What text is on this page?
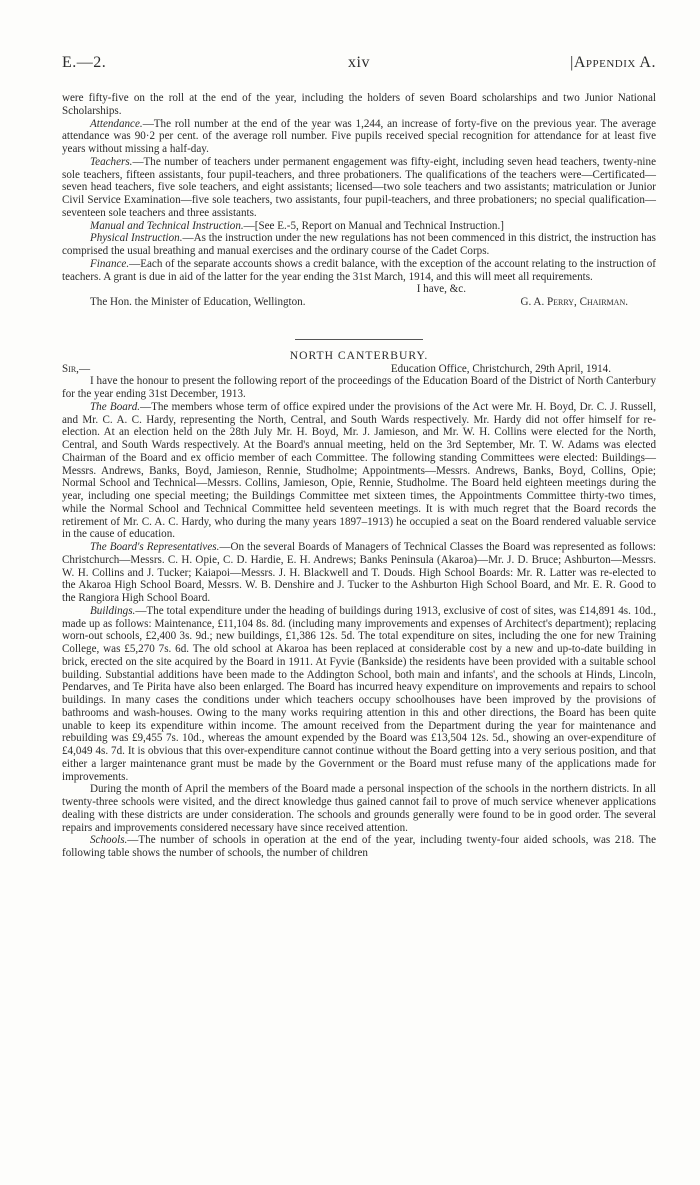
E.—2.	xiv	|Appendix A.

were fifty-five on the roll at the end of the year, including the holders of seven Board scholarships and two Junior National Scholarships.

Attendance.—The roll number at the end of the year was 1,244, an increase of forty-five on the previous year. The average attendance was 90·2 per cent. of the average roll number. Five pupils received special recognition for attendance for at least five years without missing a half-day.

Teachers.—The number of teachers under permanent engagement was fifty-eight, including seven head teachers, twenty-nine sole teachers, fifteen assistants, four pupil-teachers, and three probationers. The qualifications of the teachers were—Certificated—seven head teachers, five sole teachers, and eight assistants; licensed—two sole teachers and two assistants; matriculation or Junior Civil Service Examination—five sole teachers, two assistants, four pupil-teachers, and three probationers; no special qualification—seventeen sole teachers and three assistants.

Manual and Technical Instruction.—[See E.-5, Report on Manual and Technical Instruction.]

Physical Instruction.—As the instruction under the new regulations has not been commenced in this district, the instruction has comprised the usual breathing and manual exercises and the ordinary course of the Cadet Corps.

Finance.—Each of the separate accounts shows a credit balance, with the exception of the account relating to the instruction of teachers. A grant is due in aid of the latter for the year ending the 31st March, 1914, and this will meet all requirements.

I have, &c.

The Hon. the Minister of Education, Wellington.	G. A. Perry, Chairman.

NORTH CANTERBURY.

Sir,—	Education Office, Christchurch, 29th April, 1914.

I have the honour to present the following report of the proceedings of the Education Board of the District of North Canterbury for the year ending 31st December, 1913.

The Board.—The members whose term of office expired under the provisions of the Act were Mr. H. Boyd, Dr. C. J. Russell, and Mr. C. A. C. Hardy, representing the North, Central, and South Wards respectively. Mr. Hardy did not offer himself for re-election. At an election held on the 28th July Mr. H. Boyd, Mr. J. Jamieson, and Mr. W. H. Collins were elected for the North, Central, and South Wards respectively. At the Board's annual meeting, held on the 3rd September, Mr. T. W. Adams was elected Chairman of the Board and ex officio member of each Committee. The following standing Committees were elected: Buildings—Messrs. Andrews, Banks, Boyd, Jamieson, Rennie, Studholme; Appointments—Messrs. Andrews, Banks, Boyd, Collins, Opie; Normal School and Technical—Messrs. Collins, Jamieson, Opie, Rennie, Studholme. The Board held eighteen meetings during the year, including one special meeting; the Buildings Committee met sixteen times, the Appointments Committee thirty-two times, while the Normal School and Technical Committee held seventeen meetings. It is with much regret that the Board records the retirement of Mr. C. A. C. Hardy, who during the many years 1897–1913) he occupied a seat on the Board rendered valuable service in the cause of education.

The Board's Representatives.—On the several Boards of Managers of Technical Classes the Board was represented as follows: Christchurch—Messrs. C. H. Opie, C. D. Hardie, E. H. Andrews; Banks Peninsula (Akaroa)—Mr. J. D. Bruce; Ashburton—Messrs. W. H. Collins and J. Tucker; Kaiapoi—Messrs. J. H. Blackwell and T. Douds. High School Boards: Mr. R. Latter was re-elected to the Akaroa High School Board, Messrs. W. B. Denshire and J. Tucker to the Ashburton High School Board, and Mr. E. R. Good to the Rangiora High School Board.

Buildings.—The total expenditure under the heading of buildings during 1913, exclusive of cost of sites, was £14,891 4s. 10d., made up as follows: Maintenance, £11,104 8s. 8d. (including many improvements and expenses of Architect's department); replacing worn-out schools, £2,400 3s. 9d.; new buildings, £1,386 12s. 5d. The total expenditure on sites, including the one for new Training College, was £5,270 7s. 6d. The old school at Akaroa has been replaced at considerable cost by a new and up-to-date building in brick, erected on the site acquired by the Board in 1911. At Fyvie (Bankside) the residents have been provided with a suitable school building. Substantial additions have been made to the Addington School, both main and infants', and the schools at Hinds, Lincoln, Pendarves, and Te Pirita have also been enlarged. The Board has incurred heavy expenditure on improvements and repairs to school buildings. In many cases the conditions under which teachers occupy schoolhouses have been improved by the provisions of bathrooms and wash-houses. Owing to the many works requiring attention in this and other directions, the Board has been quite unable to keep its expenditure within income. The amount received from the Department during the year for maintenance and rebuilding was £9,455 7s. 10d., whereas the amount expended by the Board was £13,504 12s. 5d., showing an over-expenditure of £4,049 4s. 7d. It is obvious that this over-expenditure cannot continue without the Board getting into a very serious position, and that either a larger maintenance grant must be made by the Government or the Board must refuse many of the applications made for improvements.

During the month of April the members of the Board made a personal inspection of the schools in the northern districts. In all twenty-three schools were visited, and the direct knowledge thus gained cannot fail to prove of much service whenever applications dealing with these districts are under consideration. The schools and grounds generally were found to be in good order. The several repairs and improvements considered necessary have since received attention.

Schools.—The number of schools in operation at the end of the year, including twenty-four aided schools, was 218. The following table shows the number of schools, the number of children
